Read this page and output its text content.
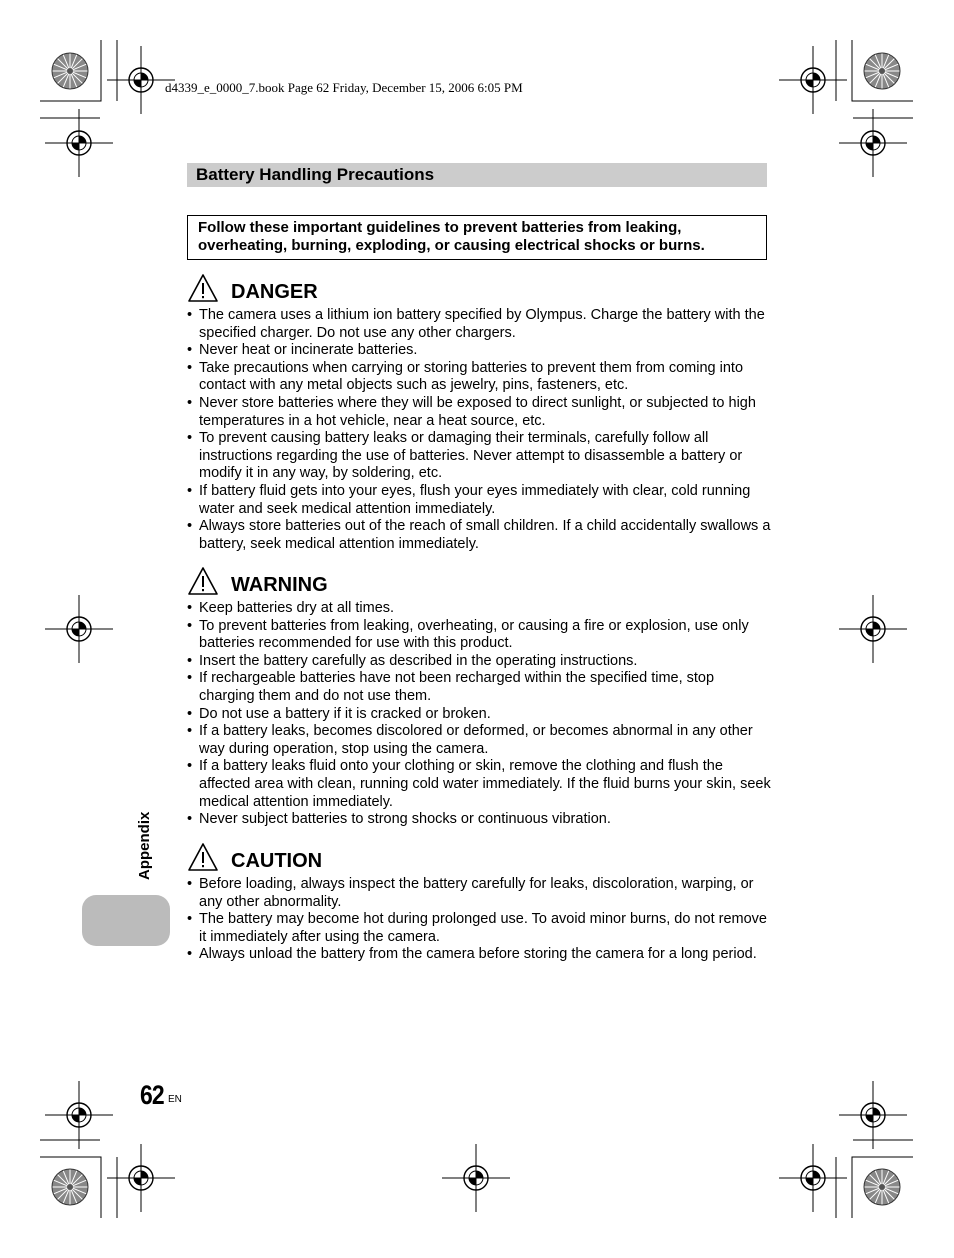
d4339_e_0000_7.book Page 62 Friday, December 15, 2006 6:05 PM
Battery Handling Precautions
Follow these important guidelines to prevent batteries from leaking, overheating, burning, exploding, or causing electrical shocks or burns.
DANGER
• The camera uses a lithium ion battery specified by Olympus. Charge the battery with the specified charger. Do not use any other chargers.
• Never heat or incinerate batteries.
• Take precautions when carrying or storing batteries to prevent them from coming into contact with any metal objects such as jewelry, pins, fasteners, etc.
• Never store batteries where they will be exposed to direct sunlight, or subjected to high temperatures in a hot vehicle, near a heat source, etc.
• To prevent causing battery leaks or damaging their terminals, carefully follow all instructions regarding the use of batteries. Never attempt to disassemble a battery or modify it in any way, by soldering, etc.
• If battery fluid gets into your eyes, flush your eyes immediately with clear, cold running water and seek medical attention immediately.
• Always store batteries out of the reach of small children. If a child accidentally swallows a battery, seek medical attention immediately.
WARNING
• Keep batteries dry at all times.
• To prevent batteries from leaking, overheating, or causing a fire or explosion, use only batteries recommended for use with this product.
• Insert the battery carefully as described in the operating instructions.
• If rechargeable batteries have not been recharged within the specified time, stop charging them and do not use them.
• Do not use a battery if it is cracked or broken.
• If a battery leaks, becomes discolored or deformed, or becomes abnormal in any other way during operation, stop using the camera.
• If a battery leaks fluid onto your clothing or skin, remove the clothing and flush the affected area with clean, running cold water immediately. If the fluid burns your skin, seek medical attention immediately.
• Never subject batteries to strong shocks or continuous vibration.
CAUTION
• Before loading, always inspect the battery carefully for leaks, discoloration, warping, or any other abnormality.
• The battery may become hot during prolonged use. To avoid minor burns, do not remove it immediately after using the camera.
• Always unload the battery from the camera before storing the camera for a long period.
Appendix
62 EN
